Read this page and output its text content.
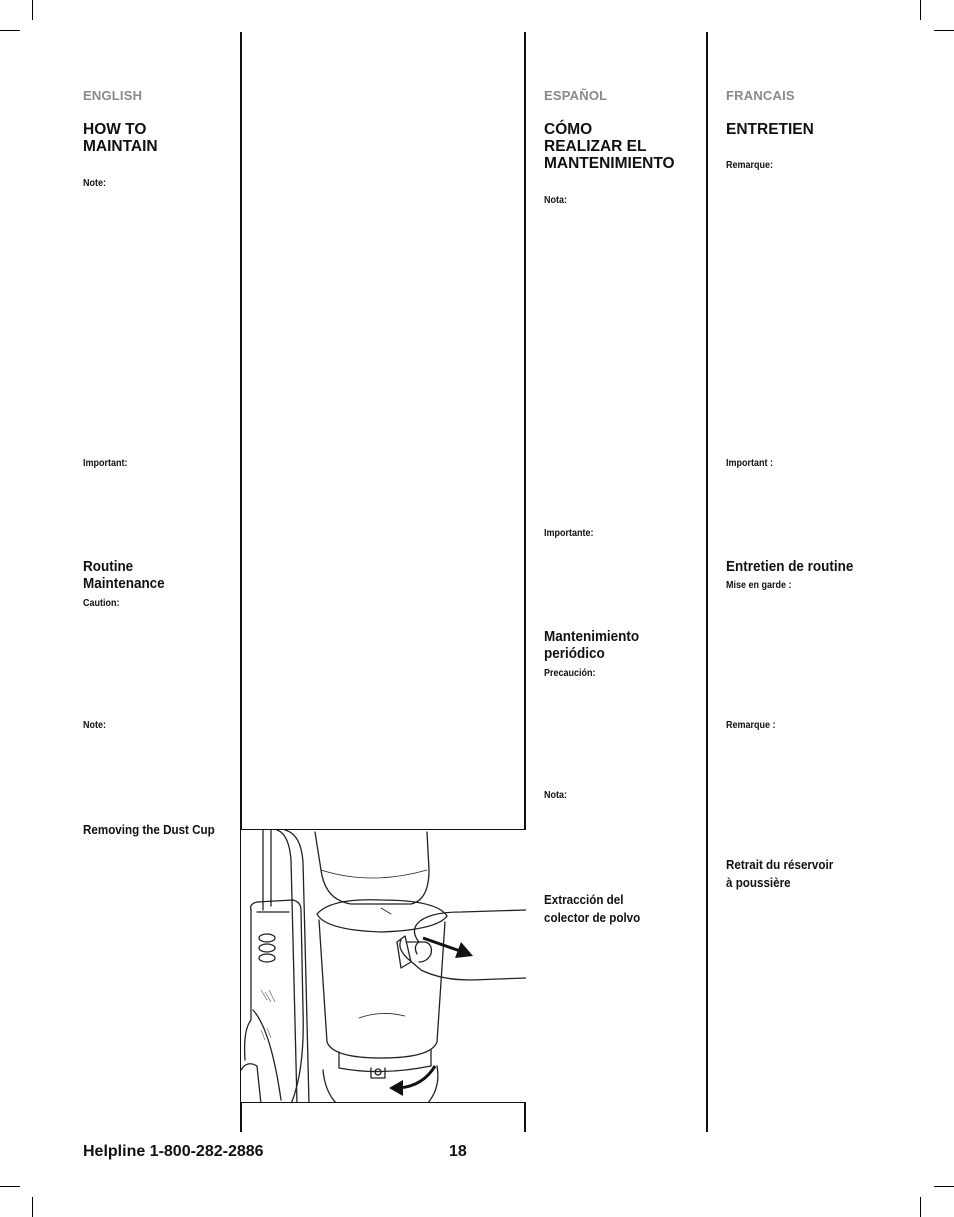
ENGLISH
HOW TO
MAINTAIN
Note:
Important:
Routine
Maintenance
Caution:
Note:
Removing the Dust Cup
ESPAÑOL
CÓMO
REALIZAR EL
MANTENIMIENTO
Nota:
Importante:
Mantenimiento
periódico
Precaución:
Nota:
Extracción del
colector de polvo
FRANCAIS
ENTRETIEN
Remarque:
Important :
Entretien de routine
Mise en garde :
Remarque :
Retrait du réservoir
à poussière
Helpline 1-800-282-2886	18
